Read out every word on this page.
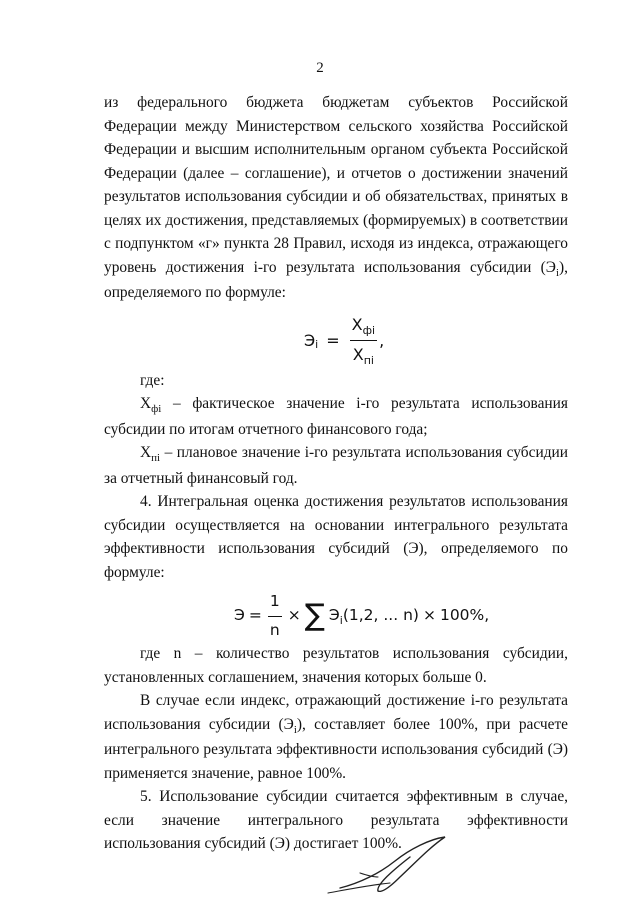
2

из федерального бюджета бюджетам субъектов Российской Федерации между Министерством сельского хозяйства Российской Федерации и высшим исполнительным органом субъекта Российской Федерации (далее – соглашение), и отчетов о достижении значений результатов использования субсидии и об обязательствах, принятых в целях их достижения, представляемых (формируемых) в соответствии с подпунктом «г» пункта 28 Правил, исходя из индекса, отражающего уровень достижения i-го результата использования субсидии $(Э_i)$, определяемого по формуле:

Э $i = \frac{X_{фi}}{X_{пi}}$ ,

где:

$X_{фi}$ – фактическое значение i-го результата использования субсидии по итогам отчетного финансового года;

$X_{пi}$ – плановое значение i-го результата использования субсидии за отчетный финансовый год.

4. Интегральная оценка достижения результатов использования субсидии осуществляется на основании интегрального результата эффективности использования субсидий (Э), определяемого по формуле:

$Э = \frac{1}{n}$ × ∑ $Э_i(1,2$, ... n) × 100%,

где n – количество результатов использования субсидии, установленных соглашением, значения которых больше 0.

В случае если индекс, отражающий достижение i-го результата использования субсидии $(Э_i)$, составляет более 100%, при расчете интегрального результата эффективности использования субсидий (Э) применяется значение, равное 100%.

5. Использование субсидии считается эффективным в случае, если значение интегрального результата эффективности использования субсидий (Э) достигает 100%.
